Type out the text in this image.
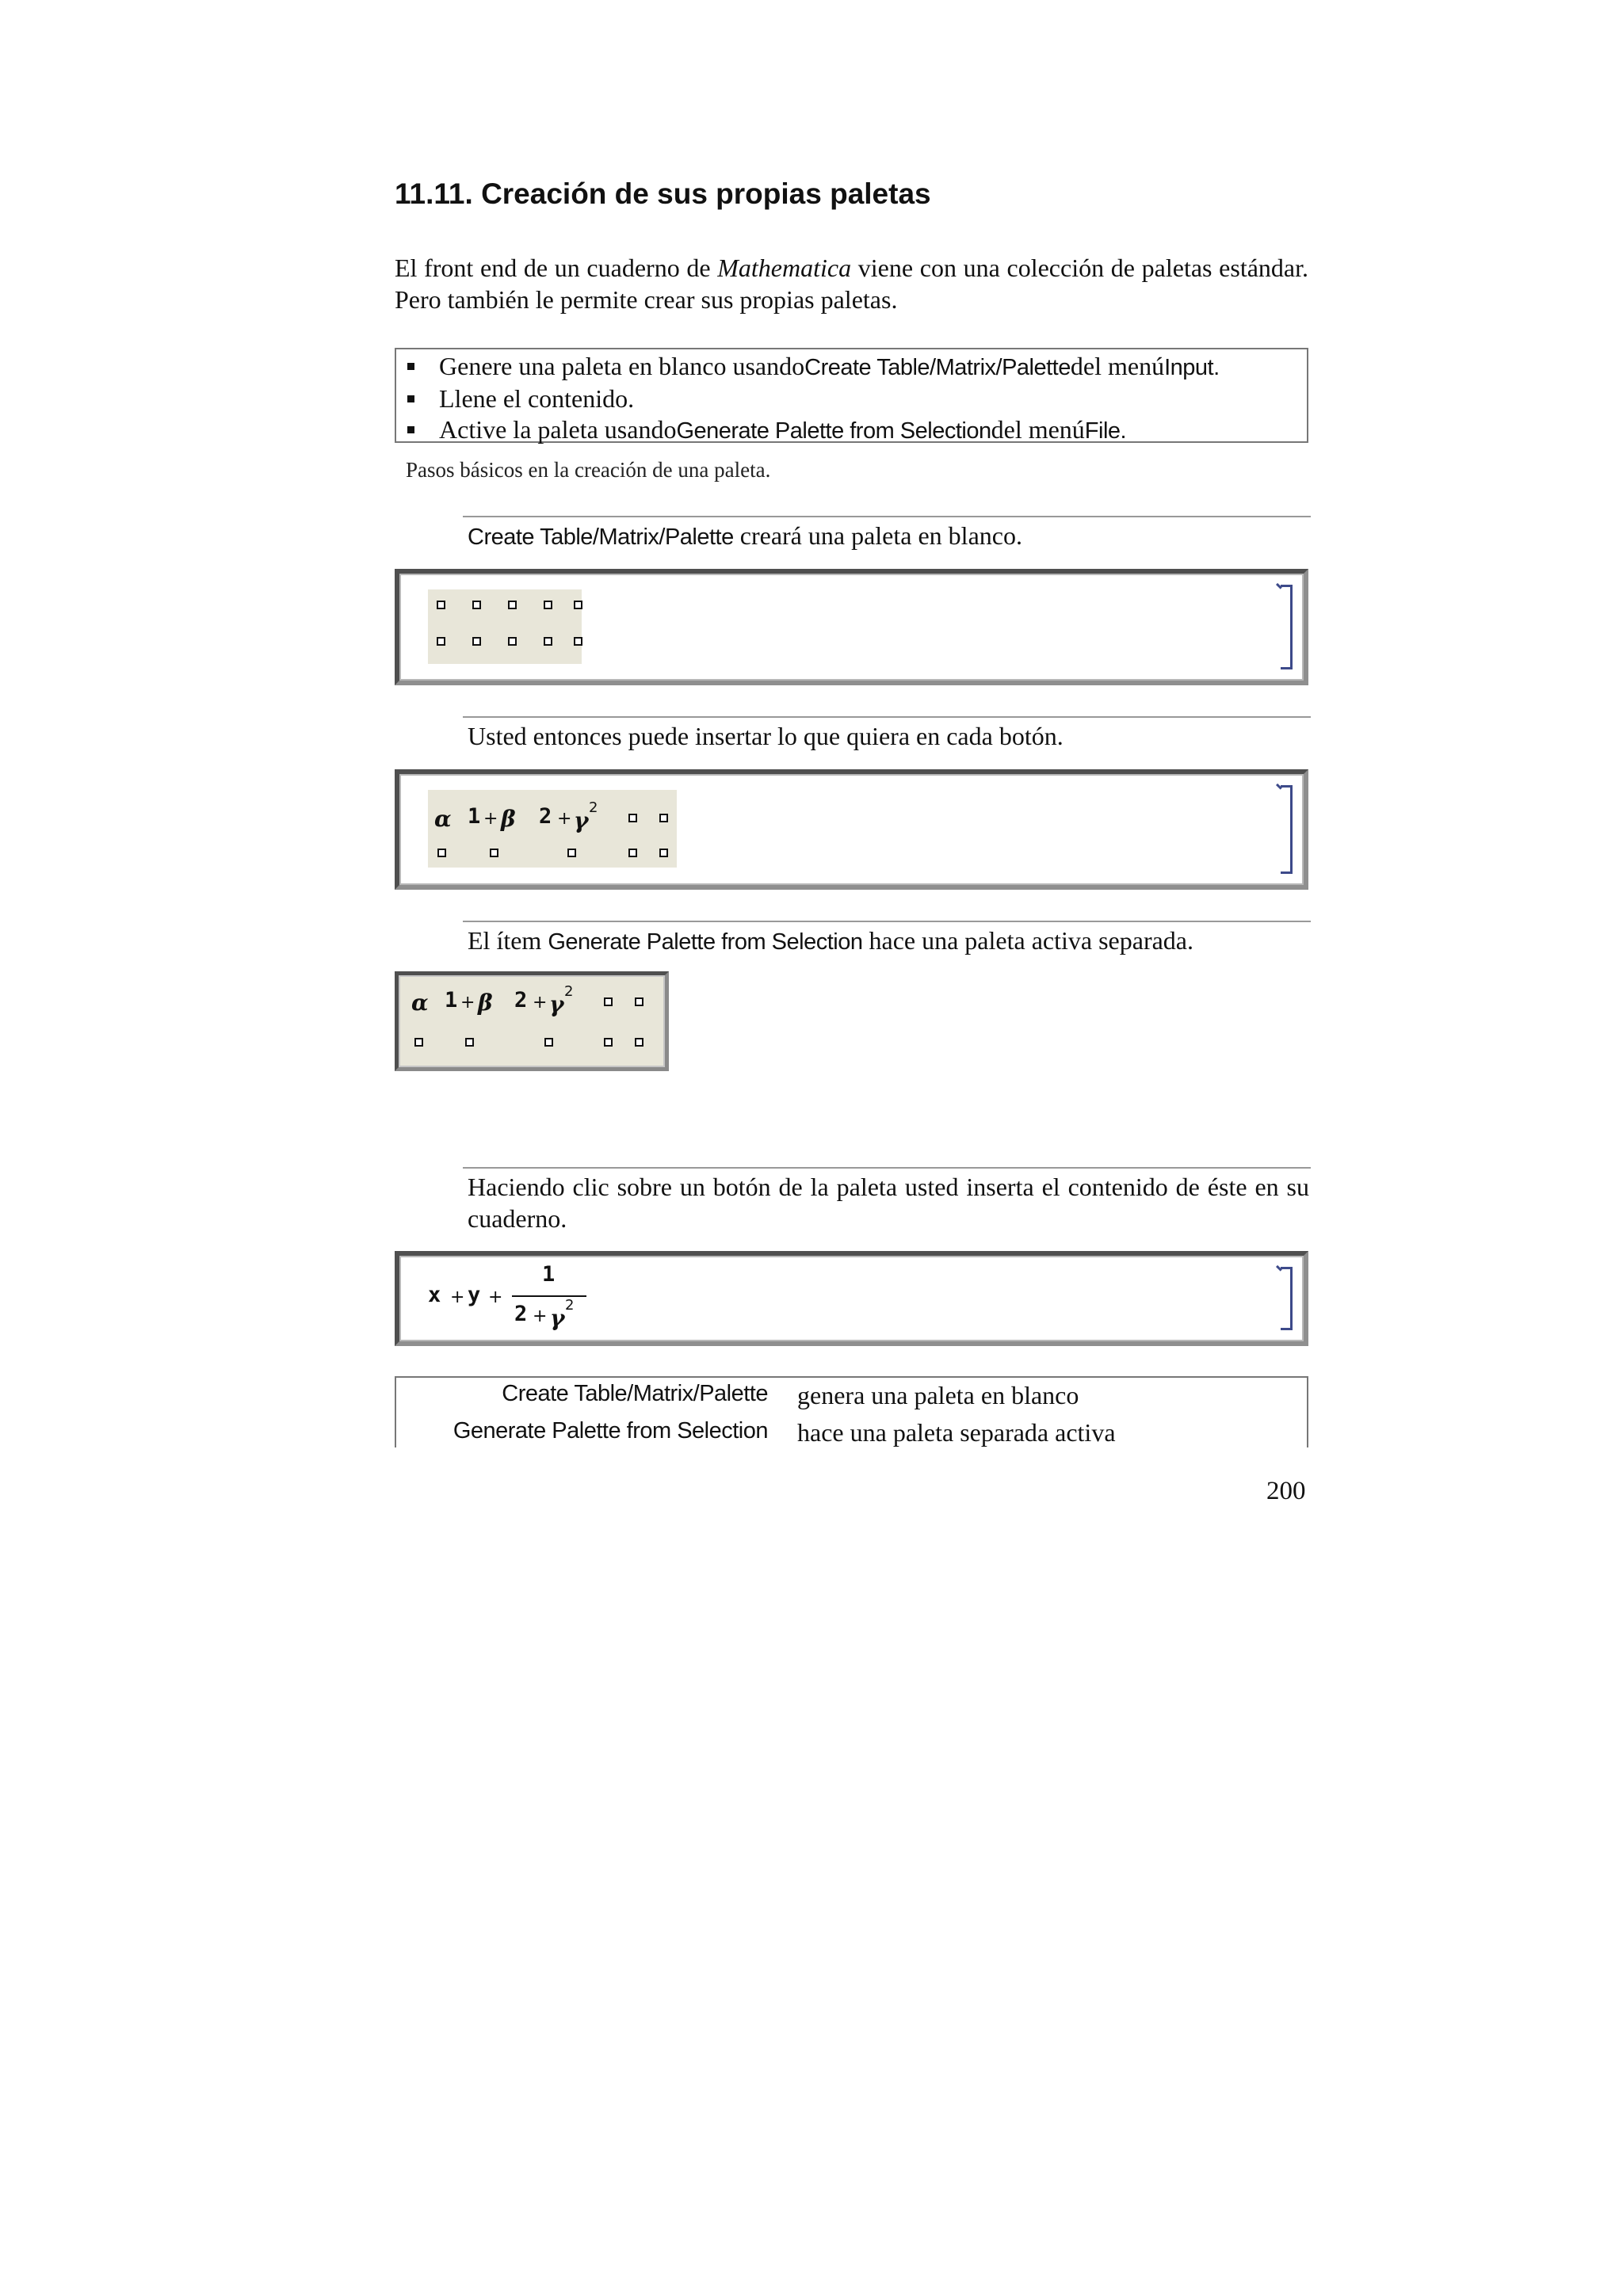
11.11. Creación de sus propias paletas
El front end de un cuaderno de Mathematica viene con una colección de paletas estándar. Pero también le permite crear sus propias paletas.
Genere una paleta en blanco usando Create Table/Matrix/Palette del menú Input .
Llene el contenido.
Active la paleta usando Generate Palette from Selection del menú File .
Pasos básicos en la creación de una paleta.
Create Table/Matrix/Palette creará una paleta en blanco.
Usted entonces puede insertar lo que quiera en cada botón.
α 1 + β 2 + γ 2
El ítem Generate Palette from Selection hace una paleta activa separada.
α 1 + β 2 + γ 2
Haciendo clic sobre un botón de la paleta usted inserta el contenido de éste en su cuaderno.
x + y +
1
2 + γ 2
Create Table/Matrix/Palette genera una paleta en blanco
Generate Palette from Selection hace una paleta separada activa
200
